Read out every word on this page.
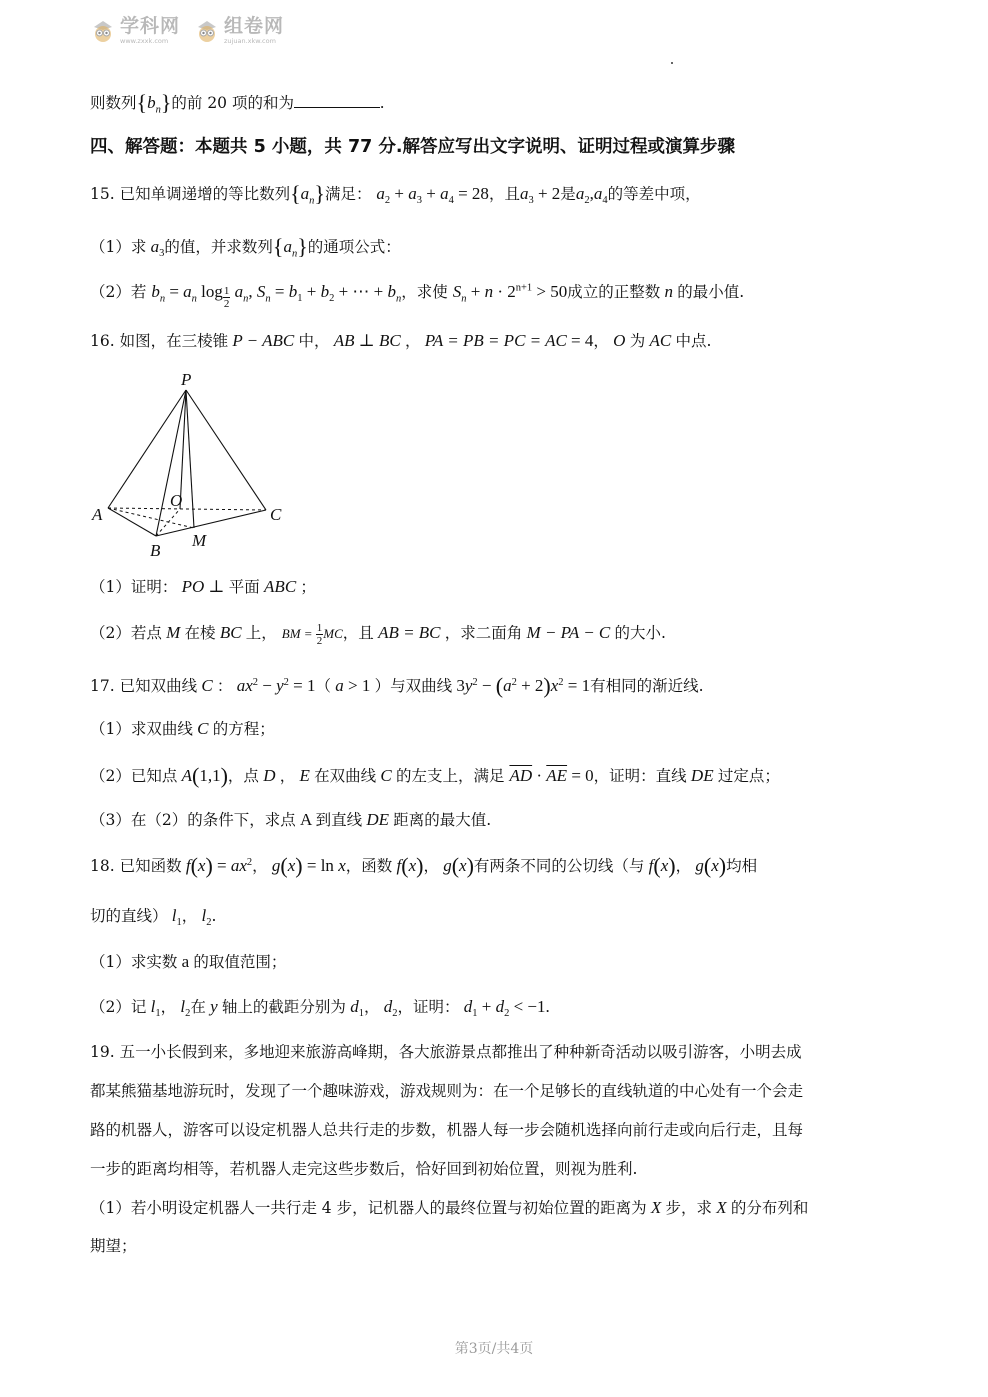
学科网
www.zxxk.com
组卷网
zujuan.xkw.com
则数列$\{b_n\}$的前 20 项的和为	.
四、解答题：本题共 5 小题，共 77 分.解答应写出文字说明、证明过程或演算步骤
15. 已知单调递增的等比数列$\{a_n\}$满足： $a_2 + a_3 + a_4 = 28$，且$a_3 + 2$是$a_2,a_4$的等差中项，
（1）求 $a_3$的值，并求数列$\{a_n\}$的通项公式：
（2）若 $b_n = a_n$ $\log \frac{1}{2} a_n$, $S_n = b_1 + b_2$ + ⋯ + $b_n$，求使 $S_n + n \cdot 2^{n+1} > 50$成立的正整数 n 的最小值.
16. 如图，在三棱锥 P − ABC 中， AB ⊥ BC ， PA = PB = PC = AC = 4， O 为 AC 中点.
P
A
B
C
O
M
（1）证明： PO ⊥ 平面 ABC ；
（2）若点 M 在棱 BC 上， BM = $\frac{1}{2}$ MC，且 AB = BC ，求二面角 M − PA − C 的大小.
17. 已知双曲线 C ： $ax^2 - y^2 = 1$（ a > 1 ）与双曲线 $3y^2 - (a^2 + 2)x^2 = 1$有相同的渐近线.
（1）求双曲线 C 的方程；
（2）已知点 A(1,1)，点 D ， E 在双曲线 C 的左支上，满足 $\overline{AD} \cdot \overline{AE} = 0$，证明：直线 DE 过定点；
（3）在（2）的条件下，求点 A 到直线 DE 距离的最大值.
18. 已知函数 $f(x) = ax^2$， g(x) = ln x，函数 f(x)， g(x)有两条不同的公切线（与 f(x)， g(x)均相
切的直线） $l_1$， $l_2$.
（1）求实数 a 的取值范围；
（2）记 $l_1$， $l_2$在 y 轴上的截距分别为 $d_1$， $d_2$，证明： $d_1 + d_2 < -1$.
19. 五一小长假到来，多地迎来旅游高峰期，各大旅游景点都推出了种种新奇活动以吸引游客，小明去成
都某熊猫基地游玩时，发现了一个趣味游戏，游戏规则为：在一个足够长的直线轨道的中心处有一个会走
路的机器人，游客可以设定机器人总共行走的步数，机器人每一步会随机选择向前行走或向后行走，且每
一步的距离均相等，若机器人走完这些步数后，恰好回到初始位置，则视为胜利.
（1）若小明设定机器人一共行走 4 步，记机器人的最终位置与初始位置的距离为 X 步，求 X 的分布列和
期望；
第3页/共4页
